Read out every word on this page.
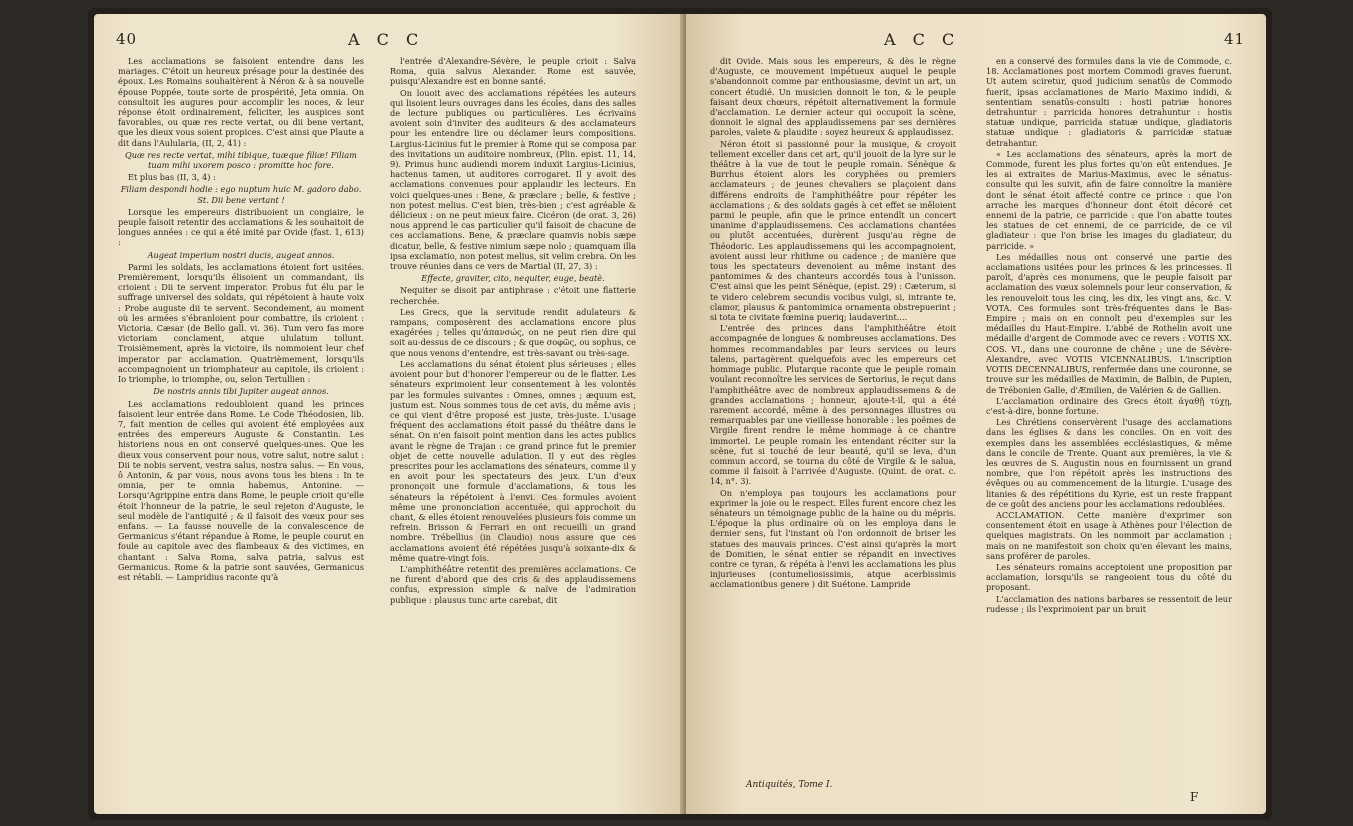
40	A C C

Les acclamations se faisoient entendre dans les mariages. C'étoit un heureux présage pour la destinée des époux. Les Romains souhaitèrent à Néron & à sa nouvelle épouse Poppée, toute sorte de prospérité, Jeta omnia. On consultoit les augures pour accomplir les noces, & leur réponse étoit ordinairement, feliciter, les auspices sont favorables, ou quæ res recte vertat, ou dii bene vertant, que les dieux vous soient propices. C'est ainsi que Plaute a dit dans l'Aulularia, (II, 2, 41) :

Quæ res recte vertat, mihi tibique, tuæque filiæ! Filiam tuam mihi uxorem posco : promitte hoc fore.

Et plus bas (II, 3, 4) :

Filiam despondi hodie : ego nuptum huic M. gadoro dabo. St. Dii bene vertant !

Lorsque les empereurs distribuoient un congiaire, le peuple faisoit retentir des acclamations & les souhaitoit de longues années : ce qui a été imité par Ovide (fast. 1, 613) :

Augeat imperium nostri ducis, augeat annos.

Parmi les soldats, les acclamations étoient fort usitées. Premièrement, lorsqu'ils élisoient un commandant, ils crioient : Dii te servent imperator. Probus fut élu par le suffrage universel des soldats, qui répétoient à haute voix : Probe auguste dii te servent. Secondement, au moment où les armées s'ébranloient pour combattre, ils crioient : Victoria. Cæsar (de Bello gall. vi. 36). Tum vero fas more victoriam conclament, atque ululatum tollunt. Troisièmement, après la victoire, ils nommoient leur chef imperator par acclamation. Quatrièmement, lorsqu'ils accompagnoient un triomphateur au capitole, ils crioient : Io triomphe, io triomphe, ou, selon Tertullien :

De nostris annis tibi Jupiter augeat annos.

Les acclamations redoubloient quand les princes faisoient leur entrée dans Rome. Le Code Théodosien, lib. 7, fait mention de celles qui avoient été employées aux entrées des empereurs Auguste & Constantin. Les historiens nous en ont conservé quelques-unes. Que les dieux vous conservent pour nous, votre salut, notre salut : Dii te nobis servent, vestra salus, nostra salus. — En vous, ô Antonin, & par vous, nous avons tous les biens : In te omnia, per te omnia habemus, Antonine. — Lorsqu'Agrippine entra dans Rome, le peuple crioit qu'elle étoit l'honneur de la patrie, le seul rejeton d'Auguste, le seul modèle de l'antiquité ; & il faisoit des vœux pour ses enfans. — La fausse nouvelle de la convalescence de Germanicus s'étant répandue à Rome, le peuple courut en foule au capitole avec des flambeaux & des victimes, en chantant : Salva Roma, salva patria, salvus est Germanicus. Rome & la patrie sont sauvées, Germanicus est rétabli. — Lampridius raconte qu'à

l'entrée d'Alexandre-Sévère, le peuple crioit : Salva Roma, quia salvus Alexander. Rome est sauvée, puisqu'Alexandre est en bonne santé.

On louoit avec des acclamations répétées les auteurs qui lisoient leurs ouvrages dans les écoles, dans des salles de lecture publiques ou particulières. Les écrivains avoient soin d'inviter des auditeurs & des acclamateurs pour les entendre lire ou déclamer leurs compositions. Largius-Licinius fut le premier à Rome qui se composa par des invitations un auditoire nombreux, (Plin. epist. 11, 14, 9). Primus hunc audiendi morem induxit Largius-Licinius, hactenus tamen, ut auditores corrogaret. Il y avoit des acclamations convenues pour applaudir les lecteurs. En voici quelques-unes : Bene, & præclare ; belle, & festive ; non potest melius. C'est bien, très-bien ; c'est agréable & délicieux : on ne peut mieux faire. Cicéron (de orat. 3, 26) nous apprend le cas particulier qu'il faisoit de chacune de ces acclamations. Bene, & præclare quamvis nobis sæpe dicatur, belle, & festive nimium sæpe nolo ; quamquam illa ipsa exclamatio, non potest melius, sit velim crebra. On les trouve réunies dans ce vers de Martial (II, 27, 3) :

Effecte, graviter, cito, nequiter, euge, beatè.

Nequiter se disoit par antiphrase : c'étoit une flatterie recherchée.

Les Grecs, que la servitude rendit adulateurs & rampans, composèrent des acclamations encore plus exagérées ; telles qu'ἀπανσώς, on ne peut rien dire qui soit au-dessus de ce discours ; & que σοφῶς, ou sophus, ce que nous venons d'entendre, est très-savant ou très-sage.

Les acclamations du sénat étoient plus sérieuses ; elles avoient pour but d'honorer l'empereur ou de le flatter. Les sénateurs exprimoient leur consentement à les volontés par les formules suivantes : Omnes, omnes ; æquum est, justum est. Nous sommes tous de cet avis, du même avis ; ce qui vient d'être proposé est juste, très-juste. L'usage fréquent des acclamations étoit passé du théâtre dans le sénat. On n'en faisoit point mention dans les actes publics avant le règne de Trajan : ce grand prince fut le premier objet de cette nouvelle adulation. Il y eut des règles prescrites pour les acclamations des sénateurs, comme il y en avoit pour les spectateurs des jeux. L'un d'eux prononçoit une formule d'acclamations, & tous les sénateurs la répétoient à l'envi. Ces formules avoient même une prononciation accentuée, qui approchoit du chant, & elles étoient renouvelées plusieurs fois comme un refrein. Brisson & Ferrari en ont recueilli un grand nombre. Trébellius (in Claudio) nous assure que ces acclamations avoient été répétées jusqu'à soixante-dix & même quatre-vingt fois.

L'amphithéâtre retentit des premières acclamations. Ce ne furent d'abord que des cris & des applaudissemens confus, expression simple & naïve de l'admiration publique : plausus tunc arte carebat, dit

A C C	41

dit Ovide. Mais sous les empereurs, & dès le règne d'Auguste, ce mouvement impétueux auquel le peuple s'abandonnoit comme par enthousiasme, devint un art, un concert étudié. Un musicien donnoit le ton, & le peuple faisant deux chœurs, répétoit alternativement la formule d'acclamation. Le dernier acteur qui occupoit la scène, donnoit le signal des applaudissemens par ses dernières paroles, valete & plaudite : soyez heureux & applaudissez.

Néron étoit si passionné pour la musique, & croyoit tellement exceller dans cet art, qu'il jouoit de la lyre sur le théâtre à la vue de tout le peuple romain. Sénèque & Burrhus étoient alors les coryphées ou premiers acclamateurs ; de jeunes chevaliers se plaçoient dans différens endroits de l'amphithéâtre pour répéter les acclamations ; & des soldats gagés à cet effet se mêloient parmi le peuple, afin que le prince entendît un concert unanime d'applaudissemens. Ces acclamations chantées ou plutôt accentuées, durèrent jusqu'au règne de Théodoric. Les applaudissemens qui les accompagnoient, avoient aussi leur rhithme ou cadence ; de manière que tous les spectateurs devenoient au même instant des pantomimes & des chanteurs accordés tous à l'unisson. C'est ainsi que les peint Sénèque, (epist. 29) : Cæterum, si te videro celebrem secundis vocibus vulgi, si, intrante te, clamor, plausus & pantomimica ornamenta obstrepuerint ; si tota te civitate fœmina pueriq; laudaverint....

L'entrée des princes dans l'amphithéâtre étoit accompagnée de longues & nombreuses acclamations. Des hommes recommandables par leurs services ou leurs talens, partagèrent quelquefois avec les empereurs cet hommage public. Plutarque raconte que le peuple romain voulant reconnoître les services de Sertorius, le reçut dans l'amphithéâtre avec de nombreux applaudissemens & de grandes acclamations ; honneur, ajoute-t-il, qui a été rarement accordé, même à des personnages illustres ou remarquables par une vieillesse honorable : les poëmes de Virgile firent rendre le même hommage à ce chantre immortel. Le peuple romain les entendant réciter sur la scène, fut si touché de leur beauté, qu'il se leva, d'un commun accord, se tourna du côté de Virgile & le salua, comme il faisoit à l'arrivée d'Auguste. (Quint. de orat. c. 14, n°. 3).

On n'employa pas toujours les acclamations pour exprimer la joie ou le respect. Elles furent encore chez les sénateurs un témoignage public de la haine ou du mépris. L'époque la plus ordinaire où on les employa dans le dernier sens, fut l'instant où l'on ordonnoit de briser les statues des mauvais princes. C'est ainsi qu'après la mort de Domitien, le sénat entier se répandit en invectives contre ce tyran, & répéta à l'envi les acclamations les plus injurieuses (contumeliosissimis, atque acerbissimis acclamationibus genere ) dit Suétone. Lampride

Antiquités, Tome I.

en a conservé des formules dans la vie de Commode, c. 18. Acclamationes post mortem Commodi graves fuerunt. Ut autem sciretur, quod judicium senatûs de Commodo fuerit, ipsas acclamationes de Mario Maximo indidi, & sententiam senatûs-consulti : hosti patriæ honores detrahuntur : parricida honores detrahuntur : hostis statuæ undique, parricida statuæ undique, gladiatoris statuæ undique : gladiatoris & parricidæ statuæ detrahantur.

« Les acclamations des sénateurs, après la mort de Commode, furent les plus fortes qu'on eût entendues. Je les ai extraites de Marius-Maximus, avec le sénatus-consulte qui les suivit, afin de faire connoître la manière dont le sénat étoit affecté contre ce prince : que l'on arrache les marques d'honneur dont étoit décoré cet ennemi de la patrie, ce parricide : que l'on abatte toutes les statues de cet ennemi, de ce parricide, de ce vil gladiateur : que l'on brise les images du gladiateur, du parricide. »

Les médailles nous ont conservé une partie des acclamations usitées pour les princes & les princesses. Il paroît, d'après ces monumens, que le peuple faisoit par acclamation des vœux solemnels pour leur conservation, & les renouveloit tous les cinq, les dix, les vingt ans, &c. V. VOTA. Ces formules sont très-fréquentes dans le Bas-Empire ; mais on en connoît peu d'exemples sur les médailles du Haut-Empire. L'abbé de Rothelin avoit une médaille d'argent de Commode avec ce revers : VOTIS XX. COS. VI., dans une couronne de chêne ; une de Sévère-Alexandre, avec VOTIS VICENNALIBUS. L'inscription VOTIS DECENNALIBUS, renfermée dans une couronne, se trouve sur les médailles de Maximin, de Balbin, de Pupien, de Trébonien Galle, d'Æmilien, de Valérien & de Gallien.

L'acclamation ordinaire des Grecs étoit ἀγαθῇ τύχῃ, c'est-à-dire, bonne fortune.

Les Chrétiens conservèrent l'usage des acclamations dans les églises & dans les conciles. On en voit des exemples dans les assemblées ecclésiastiques, & même dans le concile de Trente. Quant aux premières, la vie & les œuvres de S. Augustin nous en fournissent un grand nombre, que l'on répétoit après les instructions des évêques ou au commencement de la liturgie. L'usage des litanies & des répétitions du Kyrie, est un reste frappant de ce goût des anciens pour les acclamations redoublées.

ACCLAMATION. Cette manière d'exprimer son consentement étoit en usage à Athènes pour l'élection de quelques magistrats. On les nommoit par acclamation ; mais on ne manifestoit son choix qu'en élevant les mains, sans proférer de paroles.

Les sénateurs romains acceptoient une proposition par acclamation, lorsqu'ils se rangeoient tous du côté du proposant.

L'acclamation des nations barbares se ressentoit de leur rudesse ; ils l'exprimoient par un bruit

F
